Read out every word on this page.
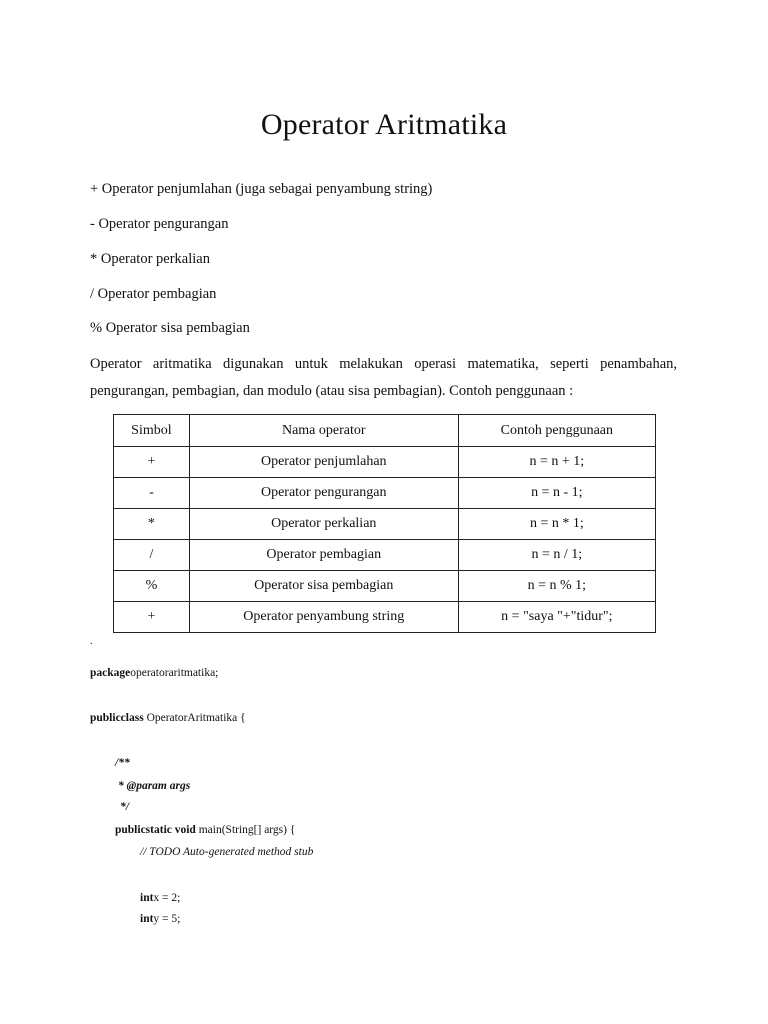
Operator Aritmatika

+ Operator penjumlahan (juga sebagai penyambung string)

- Operator pengurangan

* Operator perkalian

/ Operator pembagian

% Operator sisa pembagian

Operator aritmatika digunakan untuk melakukan operasi matematika, seperti penambahan,
pengurangan, pembagian, dan modulo (atau sisa pembagian). Contoh penggunaan :

Simbol	Nama operator	Contoh penggunaan
+	Operator penjumlahan	n = n + 1;
-	Operator pengurangan	n = n - 1;
*	Operator perkalian	n = n * 1;
/	Operator pembagian	n = n / 1;
%	Operator sisa pembagian	n = n % 1;
+	Operator penyambung string	n = "saya "+"tidur";
.

packageoperatoraritmatika;

publicclass OperatorAritmatika {

/**

* @param args

*/

publicstatic void main(String[] args) {

// TODO Auto-generated method stub

intx = 2;

inty = 5;
